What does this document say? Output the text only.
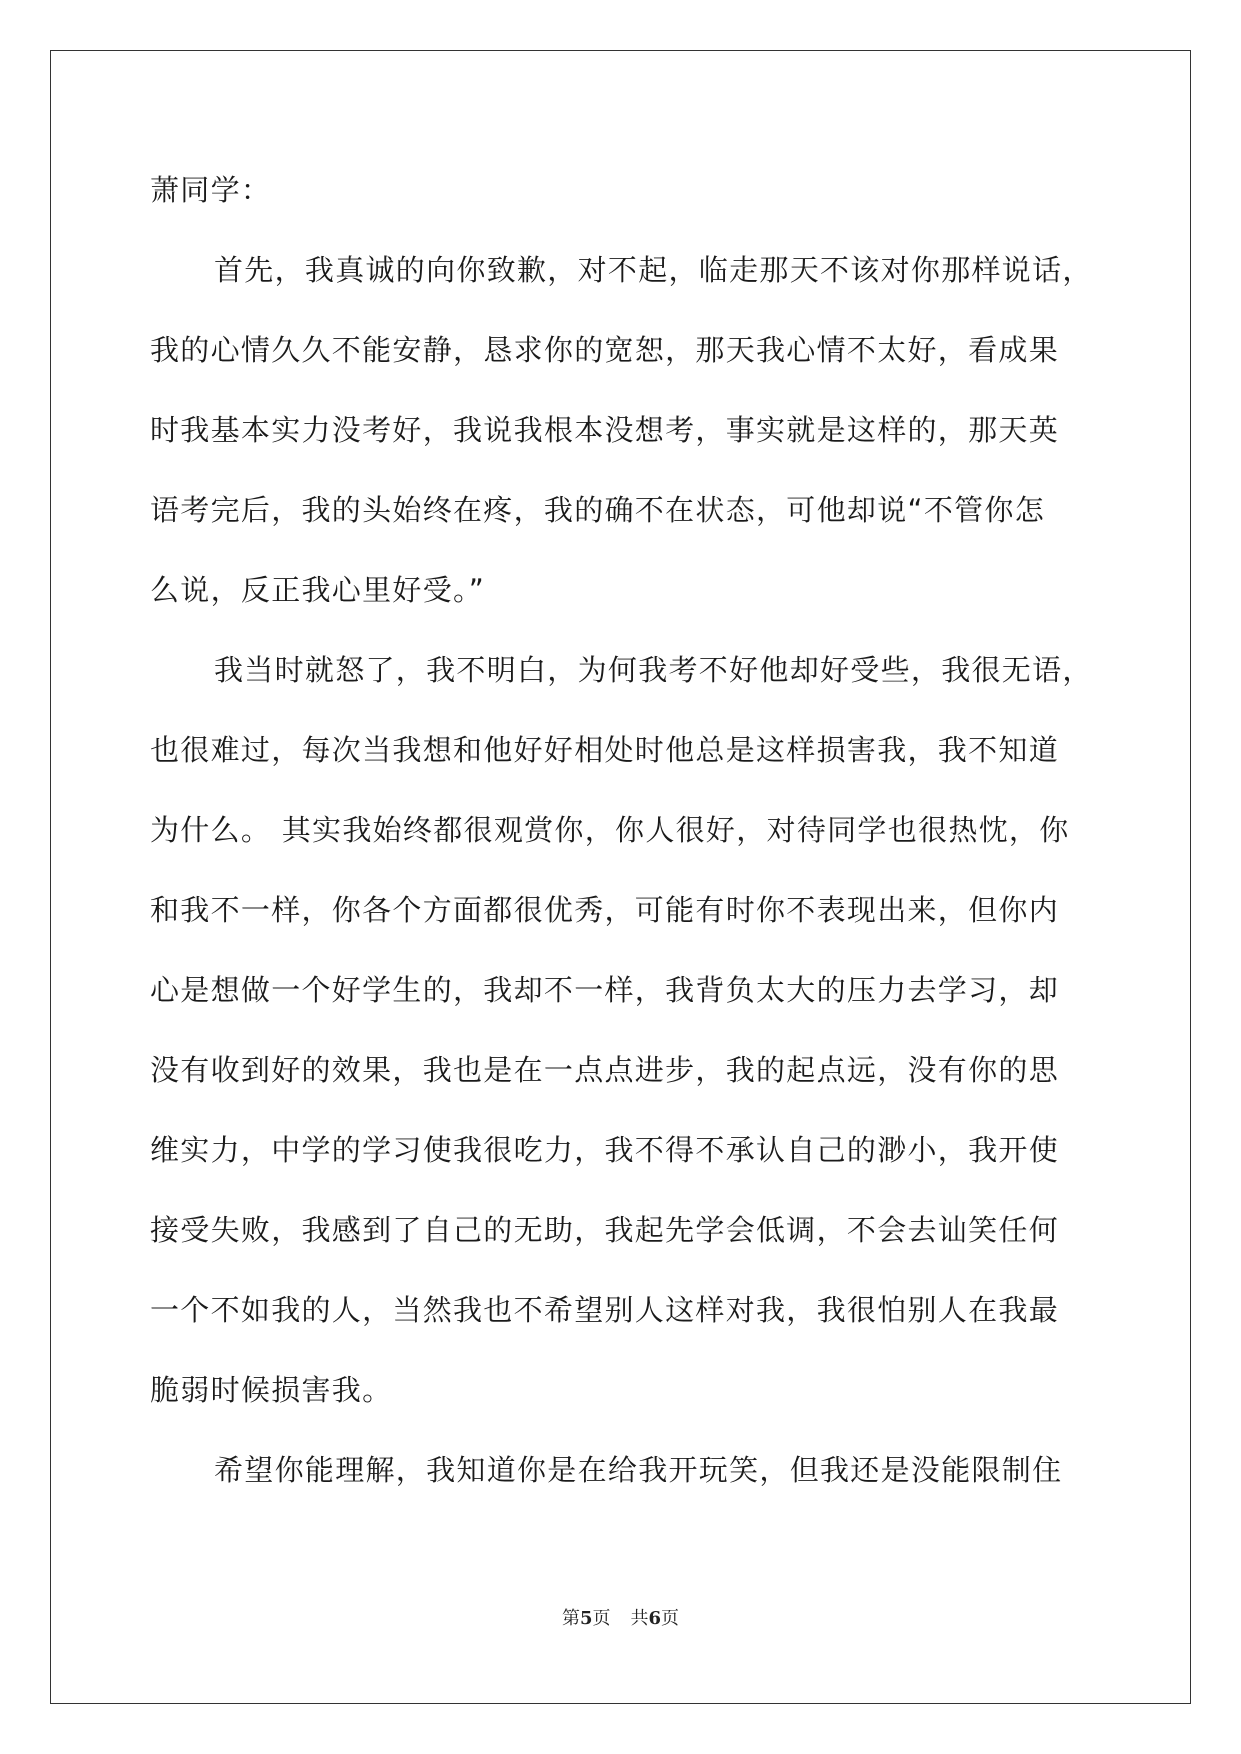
萧同学：
首先，我真诚的向你致歉，对不起，临走那天不该对你那样说话，
我的心情久久不能安静，恳求你的宽恕，那天我心情不太好，看成果
时我基本实力没考好，我说我根本没想考，事实就是这样的，那天英
语考完后，我的头始终在疼，我的确不在状态，可他却说“不管你怎
么说，反正我心里好受。”
我当时就怒了，我不明白，为何我考不好他却好受些，我很无语，
也很难过，每次当我想和他好好相处时他总是这样损害我，我不知道
为什么。 其实我始终都很观赏你，你人很好，对待同学也很热忱，你
和我不一样，你各个方面都很优秀，可能有时你不表现出来，但你内
心是想做一个好学生的，我却不一样，我背负太大的压力去学习，却
没有收到好的效果，我也是在一点点进步，我的起点远，没有你的思
维实力，中学的学习使我很吃力，我不得不承认自己的渺小，我开使
接受失败，我感到了自己的无助，我起先学会低调，不会去讪笑任何
一个不如我的人，当然我也不希望别人这样对我，我很怕别人在我最
脆弱时候损害我。
希望你能理解，我知道你是在给我开玩笑，但我还是没能限制住
第5页 共6页
